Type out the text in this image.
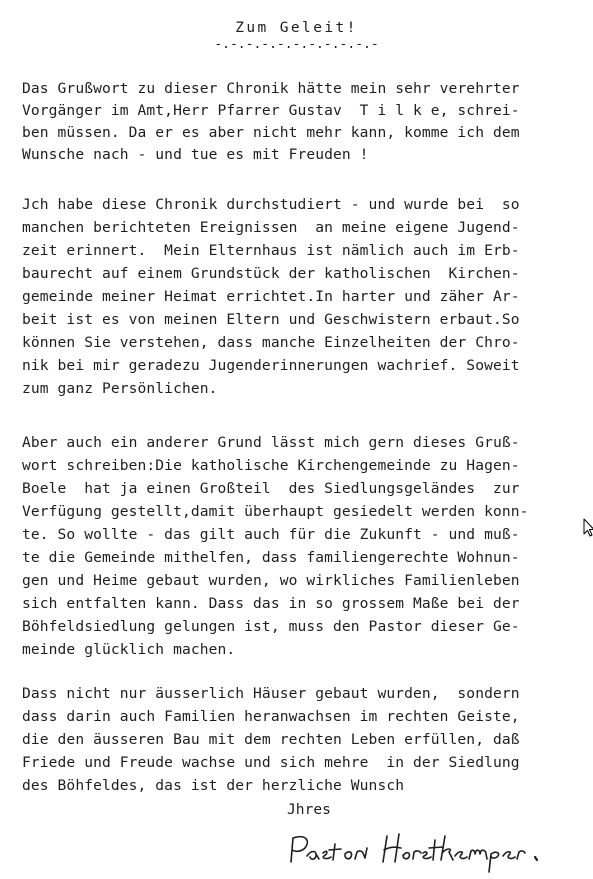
Zum Geleit!
-.-.-.-.-.-.-.-.-.-.-
Das Grußwort zu dieser Chronik hätte mein sehr verehrter
Vorgänger im Amt,Herr Pfarrer Gustav  T i l k e, schrei-
ben müssen. Da er es aber nicht mehr kann, komme ich dem
Wunsche nach - und tue es mit Freuden !
Jch habe diese Chronik durchstudiert - und wurde bei  so
manchen berichteten Ereignissen  an meine eigene Jugend-
zeit erinnert.  Mein Elternhaus ist nämlich auch im Erb-
baurecht auf einem Grundstück der katholischen  Kirchen-
gemeinde meiner Heimat errichtet.In harter und zäher Ar-
beit ist es von meinen Eltern und Geschwistern erbaut.So
können Sie verstehen, dass manche Einzelheiten der Chro-
nik bei mir geradezu Jugenderinnerungen wachrief. Soweit
zum ganz Persönlichen.
Aber auch ein anderer Grund lässt mich gern dieses Gruß-
wort schreiben:Die katholische Kirchengemeinde zu Hagen-
Boele  hat ja einen Großteil  des Siedlungsgeländes  zur
Verfügung gestellt,damit überhaupt gesiedelt werden konn-
te. So wollte - das gilt auch für die Zukunft - und muß-
te die Gemeinde mithelfen, dass familiengerechte Wohnun-
gen und Heime gebaut wurden, wo wirkliches Familienleben
sich entfalten kann. Dass das in so grossem Maße bei der
Böhfeldsiedlung gelungen ist, muss den Pastor dieser Ge-
meinde glücklich machen.
Dass nicht nur äusserlich Häuser gebaut wurden,  sondern
dass darin auch Familien heranwachsen im rechten Geiste,
die den äusseren Bau mit dem rechten Leben erfüllen, daß
Friede und Freude wachse und sich mehre  in der Siedlung
des Böhfeldes, das ist der herzliche Wunsch
Jhres
